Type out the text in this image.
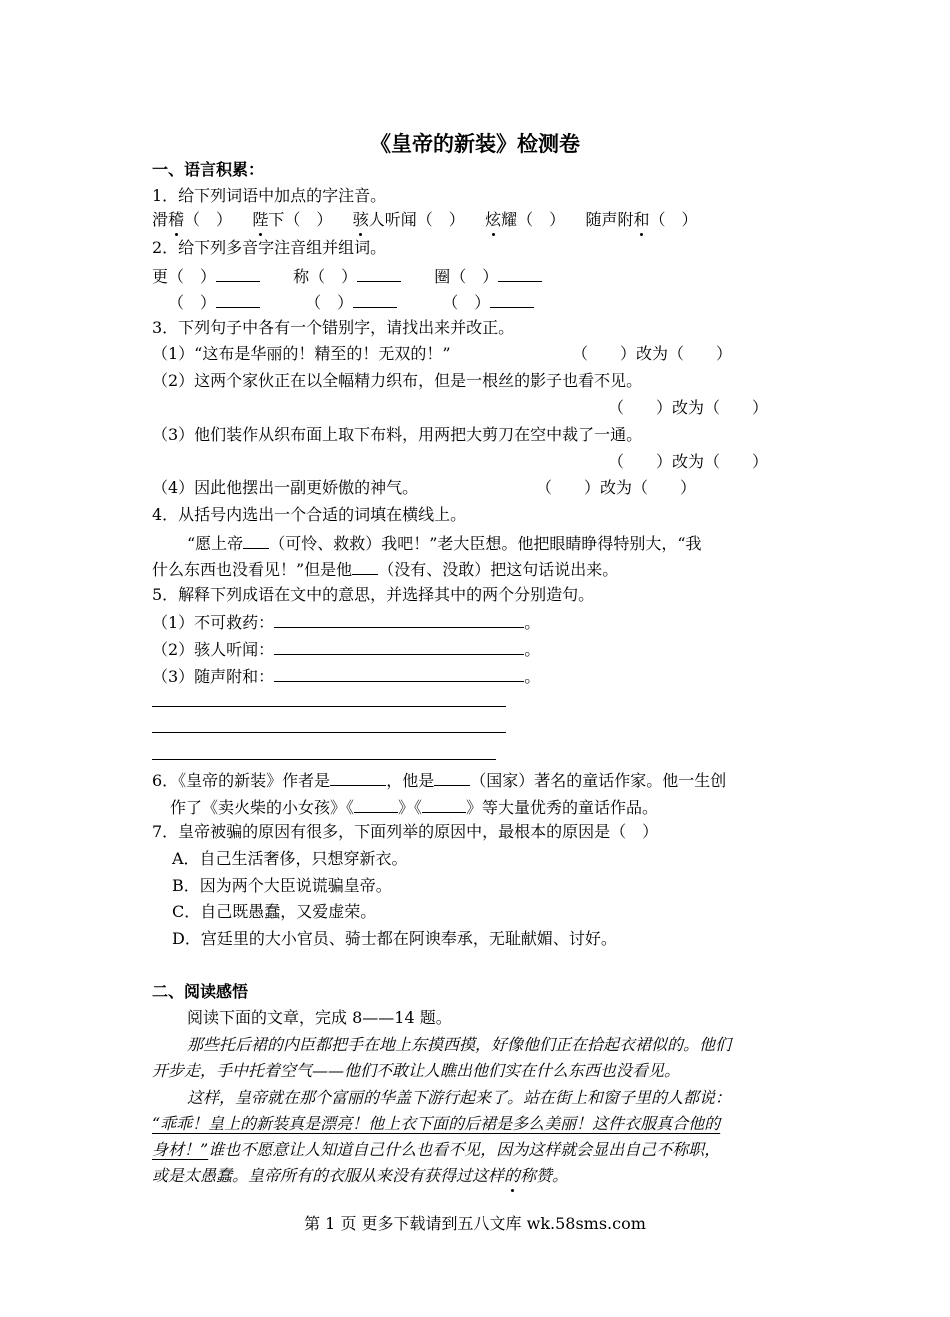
《皇帝的新装》检测卷
一、语言积累：
1．给下列词语中加点的字注音。
滑稽（　） 陛下（　） 骇人听闻（　） 炫耀（　） 随声附和（　）
2．给下列多音字注音组并组词。
更（　）	称（　）	圈（　）
（　）	（　）	（　）
3．下列句子中各有一个错别字，请找出来并改正。
（1）“这布是华丽的！精至的！无双的！”	（　　）改为（　　）
（2）这两个家伙正在以全幅精力织布，但是一根丝的影子也看不见。
（　　）改为（　　）
（3）他们装作从织布面上取下布料，用两把大剪刀在空中裁了一通。
（　　）改为（　　）
（4）因此他摆出一副更娇傲的神气。	（　　）改为（　　）
4．从括号内选出一个合适的词填在横线上。
“愿上帝 （可怜、救救）我吧！”老大臣想。他把眼睛睁得特别大，“我
什么东西也没看见！”但是他 （没有、没敢）把这句话说出来。
5．解释下列成语在文中的意思，并选择其中的两个分别造句。
（1）不可救药：	。
（2）骇人听闻：	。
（3）随声附和：	。
6．《皇帝的新装》作者是	，他是 （国家）著名的童话作家。他一生创
作了《卖火柴的小女孩》《	》《	》等大量优秀的童话作品。
7．皇帝被骗的原因有很多，下面列举的原因中，最根本的原因是（　）
A．自己生活奢侈，只想穿新衣。
B．因为两个大臣说谎骗皇帝。
C．自己既愚蠢，又爱虚荣。
D．宫廷里的大小官员、骑士都在阿谀奉承，无耻献媚、讨好。
二、阅读感悟
阅读下面的文章，完成 8——14 题。
那些托后裙的内臣都把手在地上东摸西摸，好像他们正在拾起衣裙似的。他们
开步走，手中托着空气——他们不敢让人瞧出他们实在什么东西也没看见。
这样，皇帝就在那个富丽的华盖下游行起来了。站在街上和窗子里的人都说：
“乖乖！皇上的新装真是漂亮！他上衣下面的后裙是多么美丽！这件衣服真合他的
身材！”谁也不愿意让人知道自己什么也看不见，因为这样就会显出自己不称职，
或是太愚蠢。皇帝所有的衣服从来没有获得过这样的称赞。
第 1 页 更多下载请到五八文库 wk.58sms.com
